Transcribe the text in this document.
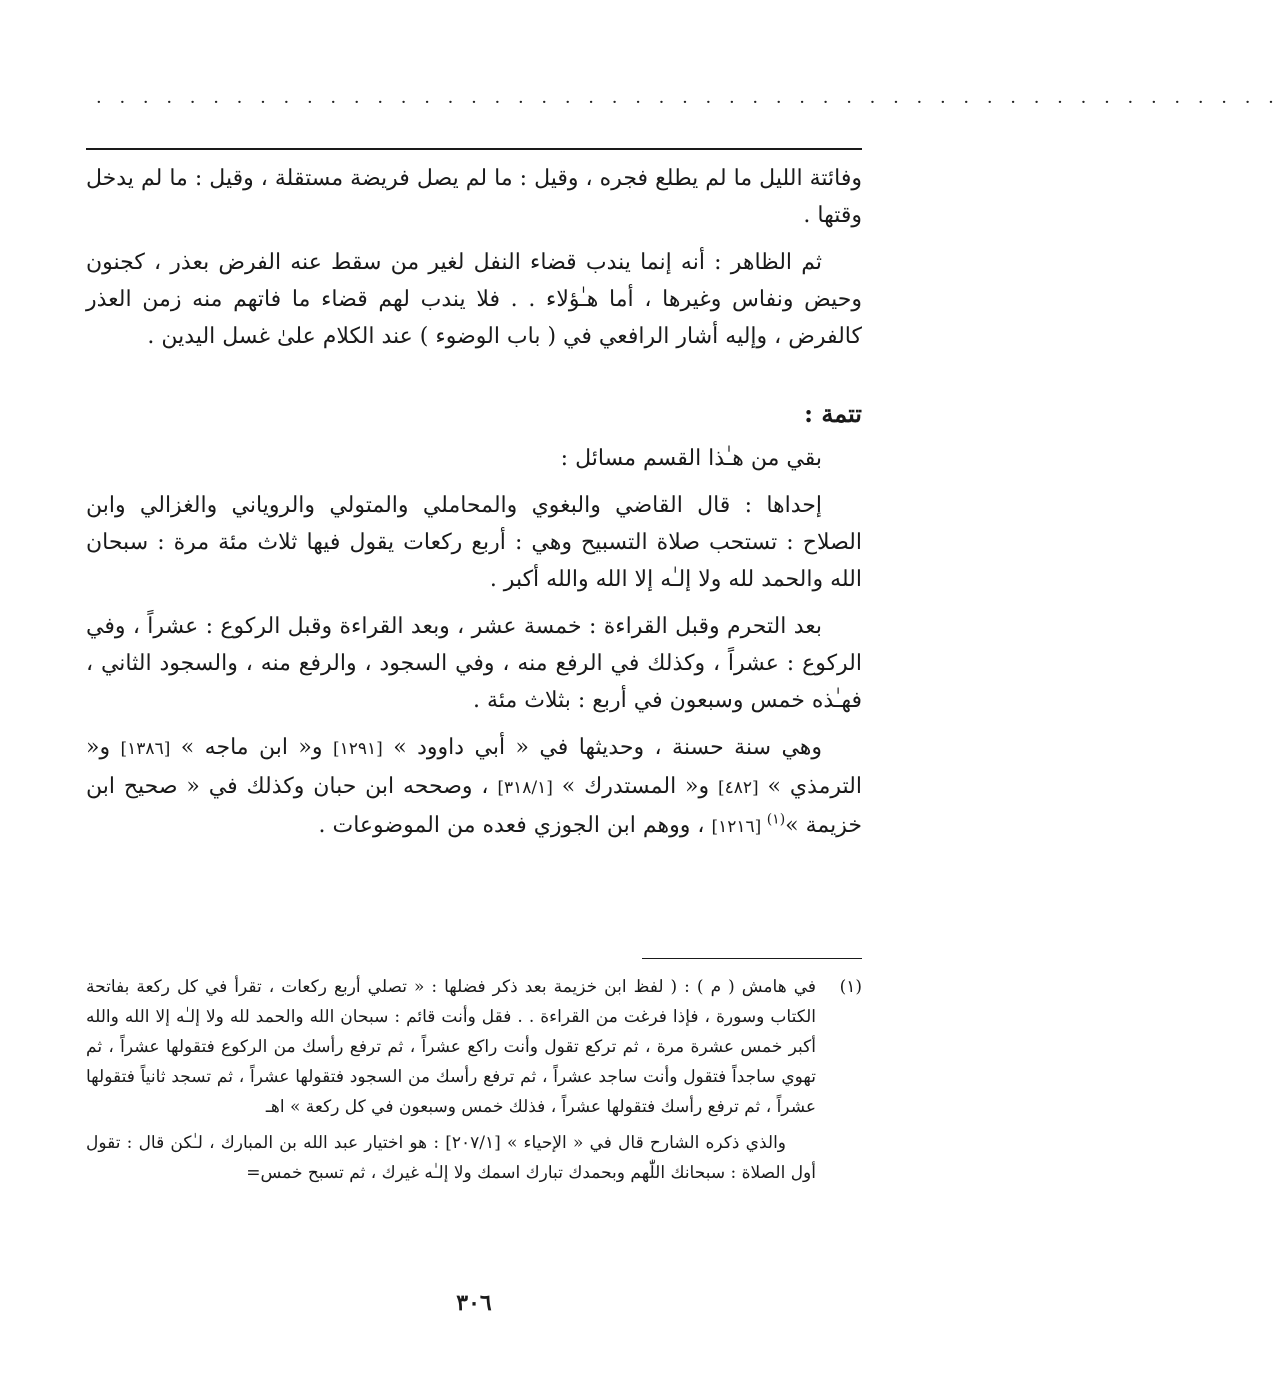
· · · · · · · · · · · · · · · · · · · · · · · · · · · · · · · · · · · · · · · · · · · · · · · · · · ·

وفائتة الليل ما لم يطلع فجره ، وقيل : ما لم يصل فريضة مستقلة ، وقيل : ما لم يدخل وقتها .

ثم الظاهر : أنه إنما يندب قضاء النفل لغير من سقط عنه الفرض بعذر ، كجنون وحيض ونفاس وغيرها ، أما هـٰؤلاء . . فلا يندب لهم قضاء ما فاتهم منه زمن العذر كالفرض ، وإليه أشار الرافعي في ( باب الوضوء ) عند الكلام علىٰ غسل اليدين .

تتمة :

بقي من هـٰذا القسم مسائل :

إحداها : قال القاضي والبغوي والمحاملي والمتولي والروياني والغزالي وابن الصلاح : تستحب صلاة التسبيح وهي : أربع ركعات يقول فيها ثلاث مئة مرة : سبحان الله والحمد لله ولا إلـٰه إلا الله والله أكبر .

بعد التحرم وقبل القراءة : خمسة عشر ، وبعد القراءة وقبل الركوع : عشراً ، وفي الركوع : عشراً ، وكذلك في الرفع منه ، وفي السجود ، والرفع منه ، والسجود الثاني ، فهـٰذه خمس وسبعون في أربع : بثلاث مئة .

وهي سنة حسنة ، وحديثها في « أبي داوود » [١٢٩١] و« ابن ماجه » [١٣٨٦] و« الترمذي » [٤٨٢] و« المستدرك » [٣١٨/١] ، وصححه ابن حبان وكذلك في « صحيح ابن خزيمة »$^{(١)}$ [١٢١٦] ، ووهم ابن الجوزي فعده من الموضوعات .

(١)
في هامش ( م ) : ( لفظ ابن خزيمة بعد ذكر فضلها : « تصلي أربع ركعات ، تقرأ في كل ركعة بفاتحة الكتاب وسورة ، فإذا فرغت من القراءة . . فقل وأنت قائم : سبحان الله والحمد لله ولا إلـٰه إلا الله والله أكبر خمس عشرة مرة ، ثم تركع تقول وأنت راكع عشراً ، ثم ترفع رأسك من الركوع فتقولها عشراً ، ثم تهوي ساجداً فتقول وأنت ساجد عشراً ، ثم ترفع رأسك من السجود فتقولها عشراً ، ثم تسجد ثانياً فتقولها عشراً ، ثم ترفع رأسك فتقولها عشراً ، فذلك خمس وسبعون في كل ركعة » اهـ
والذي ذكره الشارح قال في « الإحياء » [٢٠٧/١] : هو اختيار عبد الله بن المبارك ، لـٰكن قال : تقول أول الصلاة : سبحانك اللّٰهم وبحمدك تبارك اسمك ولا إلـٰه غيرك ، ثم تسبح خمس=
٣٠٦
